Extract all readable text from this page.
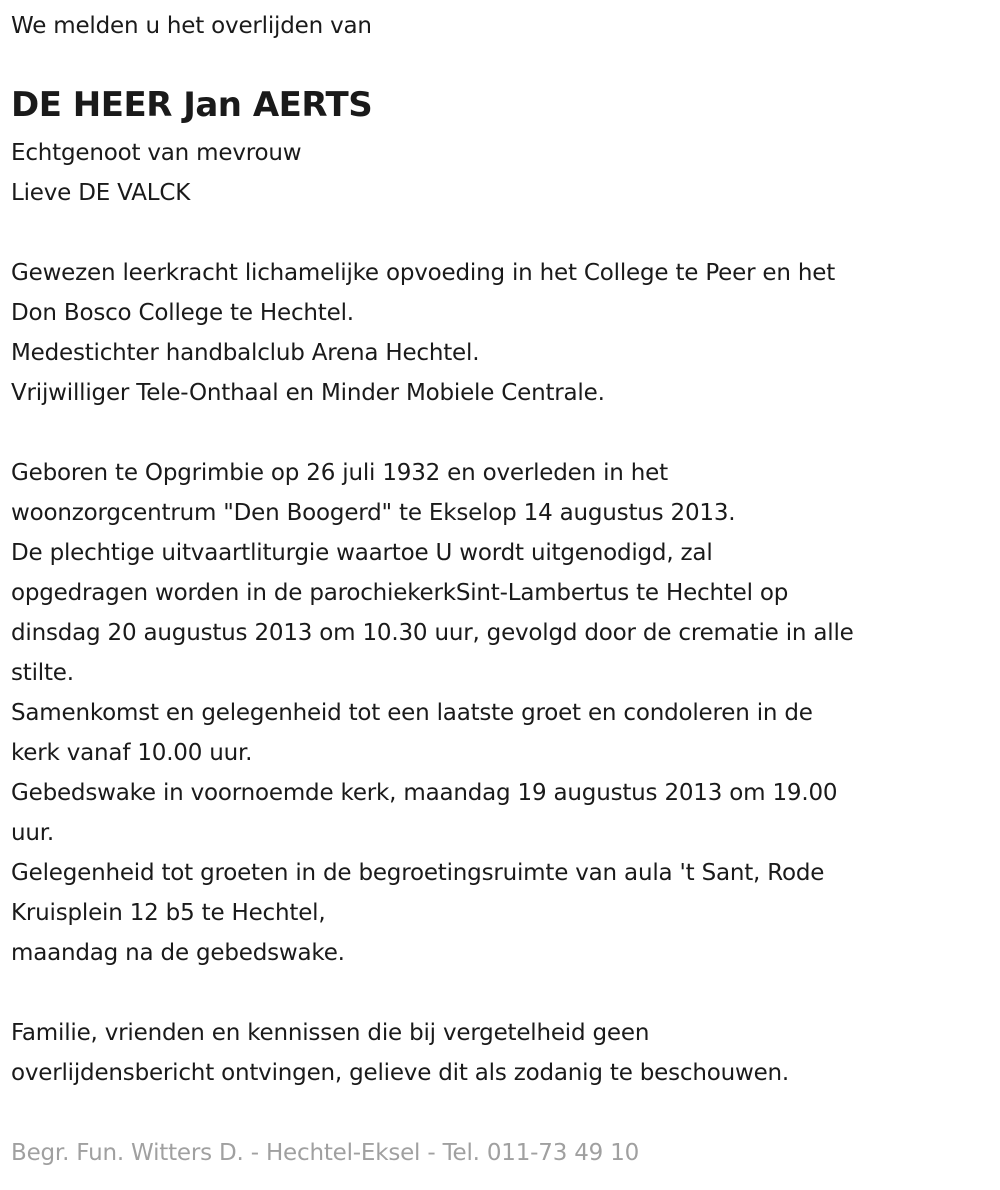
We melden u het overlijden van
DE HEER Jan AERTS
Echtgenoot van mevrouw
Lieve DE VALCK
Gewezen leerkracht lichamelijke opvoeding in het College te Peer en het
Don Bosco College te Hechtel.
Medestichter handbalclub Arena Hechtel.
Vrijwilliger Tele-Onthaal en Minder Mobiele Centrale.
Geboren te Opgrimbie op 26 juli 1932 en overleden in het
woonzorgcentrum "Den Boogerd" te Ekselop 14 augustus 2013.
De plechtige uitvaartliturgie waartoe U wordt uitgenodigd, zal
opgedragen worden in de parochiekerkSint-Lambertus te Hechtel op
dinsdag 20 augustus 2013 om 10.30 uur, gevolgd door de crematie in alle
stilte.
Samenkomst en gelegenheid tot een laatste groet en condoleren in de
kerk vanaf 10.00 uur.
Gebedswake in voornoemde kerk, maandag 19 augustus 2013 om 19.00
uur.
Gelegenheid tot groeten in de begroetingsruimte van aula 't Sant, Rode
Kruisplein 12 b5 te Hechtel,
maandag na de gebedswake.
Familie, vrienden en kennissen die bij vergetelheid geen
overlijdensbericht ontvingen, gelieve dit als zodanig te beschouwen.
Begr. Fun. Witters D. - Hechtel-Eksel - Tel. 011-73 49 10
